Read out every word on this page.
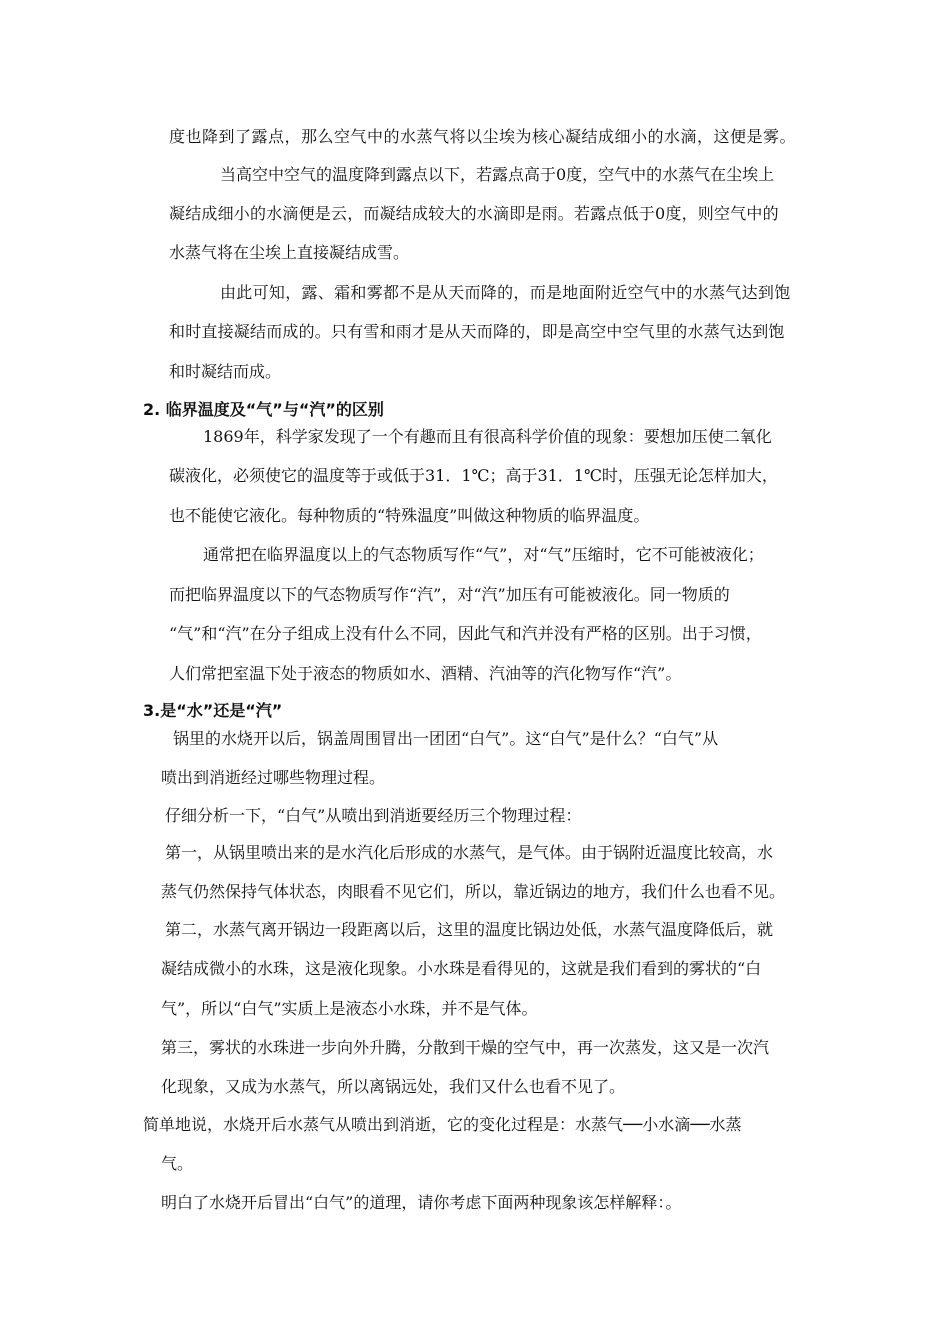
度也降到了露点，那么空气中的水蒸气将以尘埃为核心凝结成细小的水滴，这便是雾。
当高空中空气的温度降到露点以下，若露点高于0度，空气中的水蒸气在尘埃上
凝结成细小的水滴便是云，而凝结成较大的水滴即是雨。若露点低于0度，则空气中的
水蒸气将在尘埃上直接凝结成雪。
由此可知，露、霜和雾都不是从天而降的，而是地面附近空气中的水蒸气达到饱
和时直接凝结而成的。只有雪和雨才是从天而降的，即是高空中空气里的水蒸气达到饱
和时凝结而成。
2. 临界温度及“气”与“汽”的区别
1869年，科学家发现了一个有趣而且有很高科学价值的现象：要想加压使二氧化
碳液化，必须使它的温度等于或低于31．1℃；高于31．1℃时，压强无论怎样加大，
也不能使它液化。每种物质的“特殊温度”叫做这种物质的临界温度。
通常把在临界温度以上的气态物质写作“气”，对“气”压缩时，它不可能被液化；
而把临界温度以下的气态物质写作“汽”，对“汽”加压有可能被液化。同一物质的
“气”和“汽”在分子组成上没有什么不同，因此气和汽并没有严格的区别。出于习惯，
人们常把室温下处于液态的物质如水、酒精、汽油等的汽化物写作“汽”。
3.是“水”还是“汽”
锅里的水烧开以后，锅盖周围冒出一团团“白气”。这“白气”是什么？“白气”从
喷出到消逝经过哪些物理过程。
仔细分析一下，“白气”从喷出到消逝要经历三个物理过程：
第一，从锅里喷出来的是水汽化后形成的水蒸气，是气体。由于锅附近温度比较高，水
蒸气仍然保持气体状态，肉眼看不见它们，所以，靠近锅边的地方，我们什么也看不见。
第二，水蒸气离开锅边一段距离以后，这里的温度比锅边处低，水蒸气温度降低后，就
凝结成微小的水珠，这是液化现象。小水珠是看得见的，这就是我们看到的雾状的“白
气”，所以“白气”实质上是液态小水珠，并不是气体。
第三，雾状的水珠进一步向外升腾，分散到干燥的空气中，再一次蒸发，这又是一次汽
化现象，又成为水蒸气，所以离锅远处，我们又什么也看不见了。
简单地说，水烧开后水蒸气从喷出到消逝，它的变化过程是：水蒸气──小水滴──水蒸
气。
明白了水烧开后冒出“白气”的道理，请你考虑下面两种现象该怎样解释：。
